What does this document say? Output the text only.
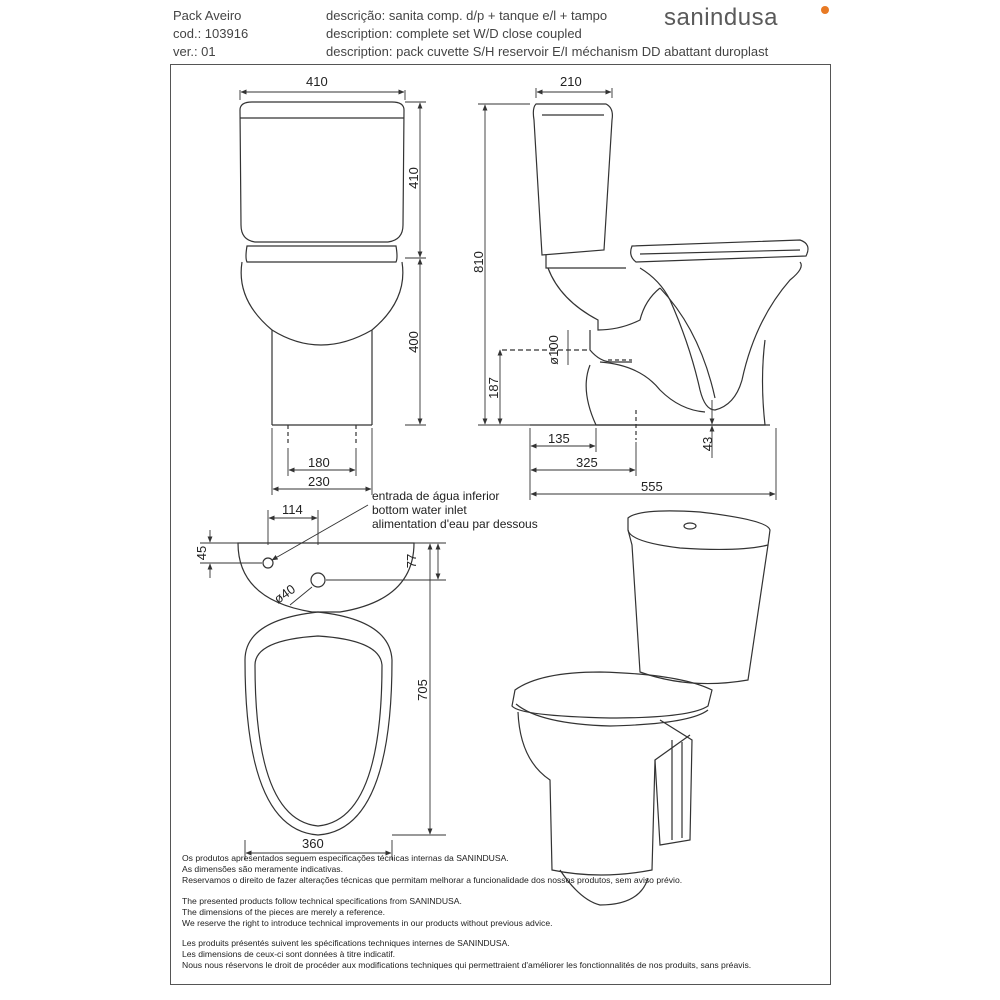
Pack Aveiro
cod.: 103916
ver.: 01
descrição: sanita comp. d/p + tanque e/l + tampo
description: complete set W/D close coupled
description: pack cuvette S/H reservoir E/I méchanism DD abattant duroplast
sanindusa
410
410
400
180
230
210
810
ø100
187
135
325
555
43
114
45
77
ø40
705
360
entrada de água inferior
bottom water inlet
alimentation d'eau par dessous
Os produtos apresentados seguem especificações técnicas internas da SANINDUSA.
As dimensões são meramente indicativas.
Reservamos o direito de fazer alterações técnicas que permitam melhorar a funcionalidade dos nossos produtos, sem aviso prévio.
The presented products follow technical specifications from SANINDUSA.
The dimensions of the pieces are merely a reference.
We reserve the right to introduce technical improvements in our products without previous advice.
Les produits présentés suivent les spécifications techniques internes de SANINDUSA.
Les dimensions de ceux-ci sont données à titre indicatif.
Nous nous réservons le droit de procéder aux modifications techniques qui permettraient d'améliorer les fonctionnalités de nos produits, sans préavis.
